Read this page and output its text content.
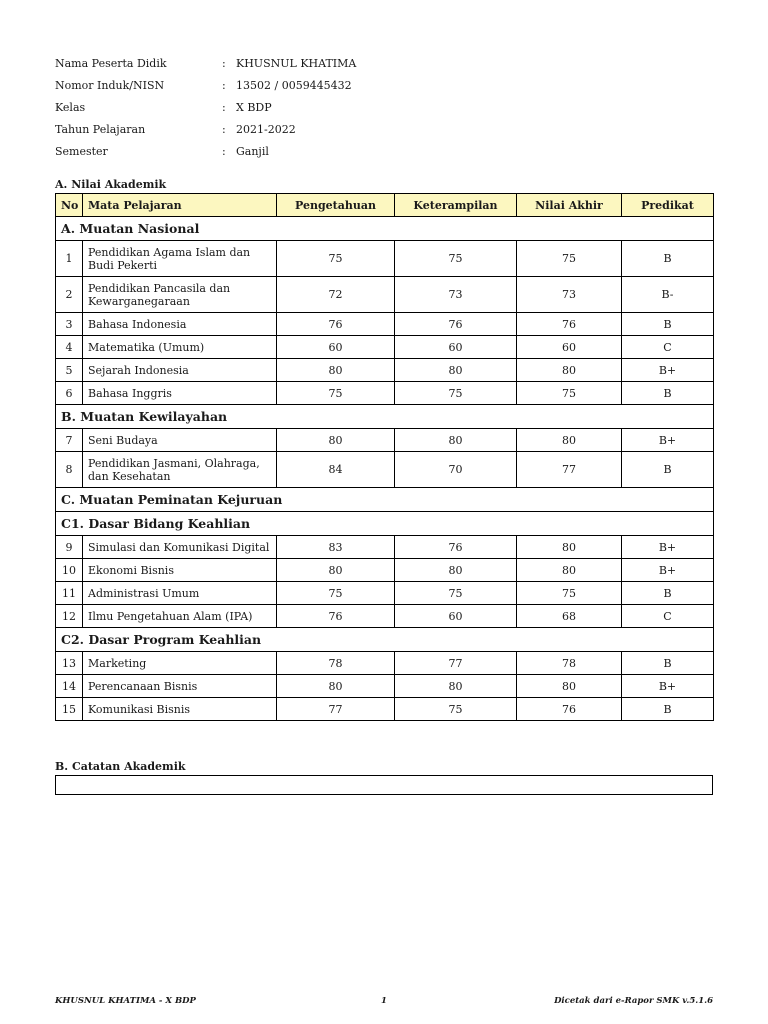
Nama Peserta Didik	: KHUSNUL KHATIMA
Nomor Induk/NISN	: 13502 / 0059445432
Kelas	: X BDP
Tahun Pelajaran	: 2021-2022
Semester	: Ganjil
A. Nilai Akademik
No	Mata Pelajaran	Pengetahuan	Keterampilan	Nilai Akhir	Predikat
A. Muatan Nasional					
1	Pendidikan Agama Islam dan Budi Pekerti	75	75	75	B
2	Pendidikan Pancasila dan Kewarganegaraan	72	73	73	B-
3	Bahasa Indonesia	76	76	76	B
4	Matematika (Umum)	60	60	60	C
5	Sejarah Indonesia	80	80	80	B+
6	Bahasa Inggris	75	75	75	B
B. Muatan Kewilayahan					
7	Seni Budaya	80	80	80	B+
8	Pendidikan Jasmani, Olahraga, dan Kesehatan	84	70	77	B
C. Muatan Peminatan Kejuruan					
C1. Dasar Bidang Keahlian					
9	Simulasi dan Komunikasi Digital	83	76	80	B+
10	Ekonomi Bisnis	80	80	80	B+
11	Administrasi Umum	75	75	75	B
12	Ilmu Pengetahuan Alam (IPA)	76	60	68	C
C2. Dasar Program Keahlian					
13	Marketing	78	77	78	B
14	Perencanaan Bisnis	80	80	80	B+
15	Komunikasi Bisnis	77	75	76	B
B. Catatan Akademik
KHUSNUL KHATIMA - X BDP	1	Dicetak dari e-Rapor SMK v.5.1.6
